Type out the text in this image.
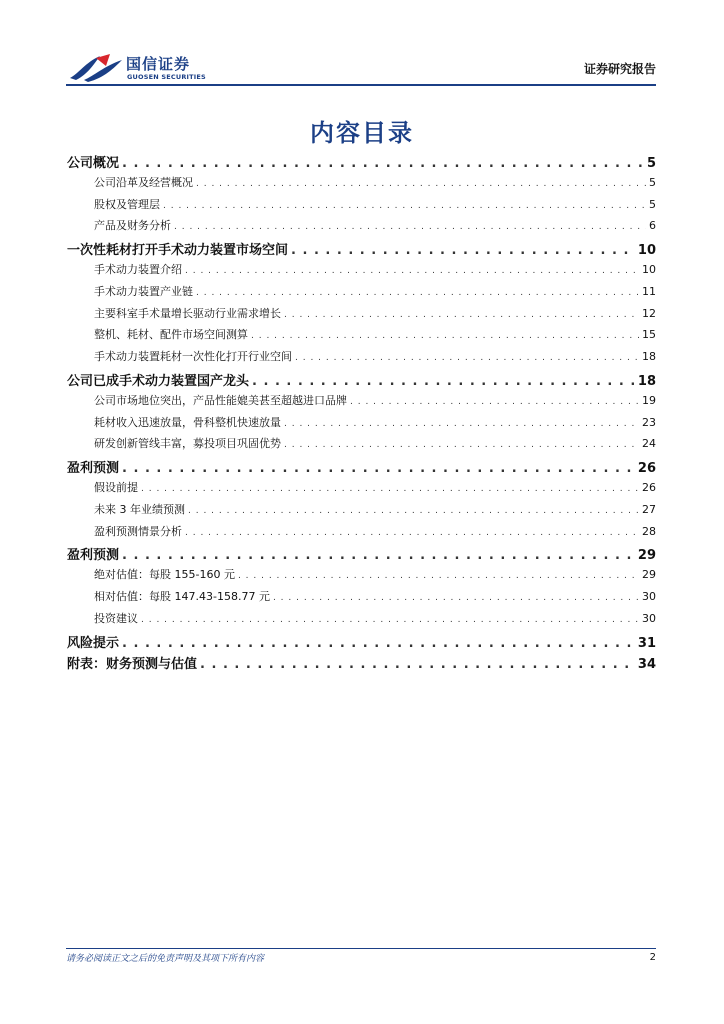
国信证券
GUOSEN SECURITIES
证券研究报告
内容目录
公司概况 . . .	5
公司沿革及经营概况 . . .	5
股权及管理层 . . .	5
产品及财务分析 . . .	6
一次性耗材打开手术动力装置市场空间 . . .	10
手术动力装置介绍 . . .	10
手术动力装置产业链 . . .	11
主要科室手术量增长驱动行业需求增长 . . .	12
整机、耗材、配件市场空间测算 . . .	15
手术动力装置耗材一次性化打开行业空间 . . .	18
公司已成手术动力装置国产龙头 . . .	18
公司市场地位突出，产品性能媲美甚至超越进口品牌 . . .	19
耗材收入迅速放量，骨科整机快速放量 . . .	23
研发创新管线丰富，募投项目巩固优势 . . .	24
盈利预测 . . .	26
假设前提 . . .	26
未来 3 年业绩预测 . . .	27
盈利预测情景分析 . . .	28
盈利预测 . . .	29
绝对估值：每股 155-160 元 . . .	29
相对估值：每股 147.43-158.77 元 . . .	30
投资建议 . . .	30
风险提示 . . .	31
附表：财务预测与估值 . . .	34
请务必阅读正文之后的免责声明及其项下所有内容	2
